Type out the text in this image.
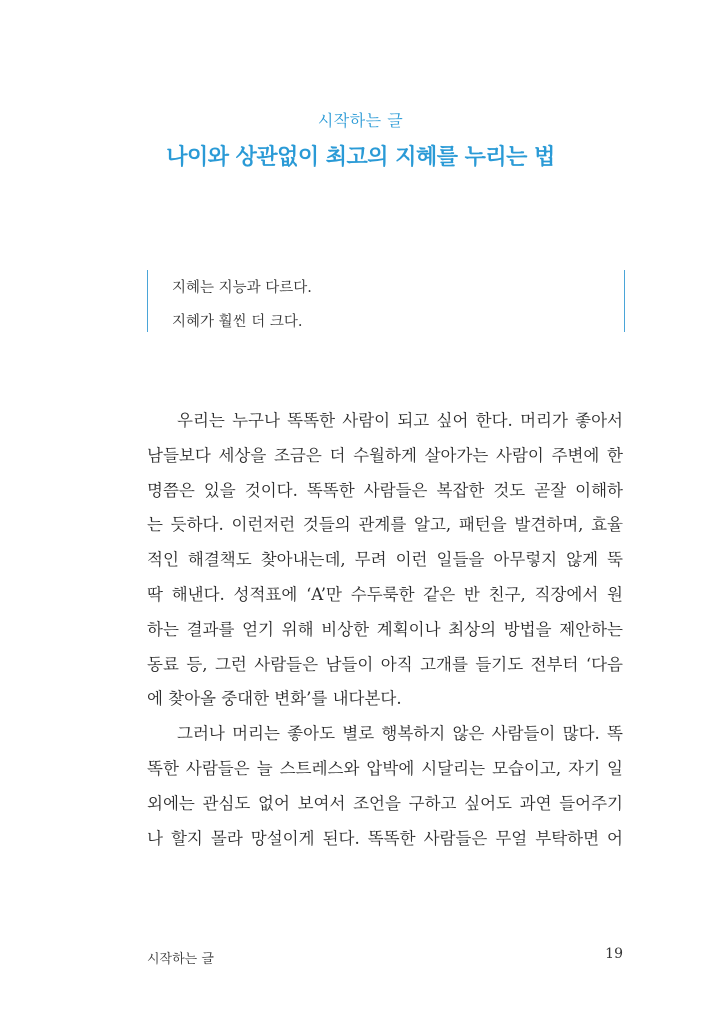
시작하는 글
나이와 상관없이 최고의 지혜를 누리는 법
지혜는 지능과 다르다.
지혜가 훨씬 더 크다.
우리는 누구나 똑똑한 사람이 되고 싶어 한다. 머리가 좋아서
남들보다 세상을 조금은 더 수월하게 살아가는 사람이 주변에 한
명쯤은 있을 것이다. 똑똑한 사람들은 복잡한 것도 곧잘 이해하
는 듯하다. 이런저런 것들의 관계를 알고, 패턴을 발견하며, 효율
적인 해결책도 찾아내는데, 무려 이런 일들을 아무렇지 않게 뚝
딱 해낸다. 성적표에 ‘A’만 수두룩한 같은 반 친구, 직장에서 원
하는 결과를 얻기 위해 비상한 계획이나 최상의 방법을 제안하는
동료 등, 그런 사람들은 남들이 아직 고개를 들기도 전부터 ‘다음
에 찾아올 중대한 변화’를 내다본다.
그러나 머리는 좋아도 별로 행복하지 않은 사람들이 많다. 똑
똑한 사람들은 늘 스트레스와 압박에 시달리는 모습이고, 자기 일
외에는 관심도 없어 보여서 조언을 구하고 싶어도 과연 들어주기
나 할지 몰라 망설이게 된다. 똑똑한 사람들은 무얼 부탁하면 어
시작하는 글	19
